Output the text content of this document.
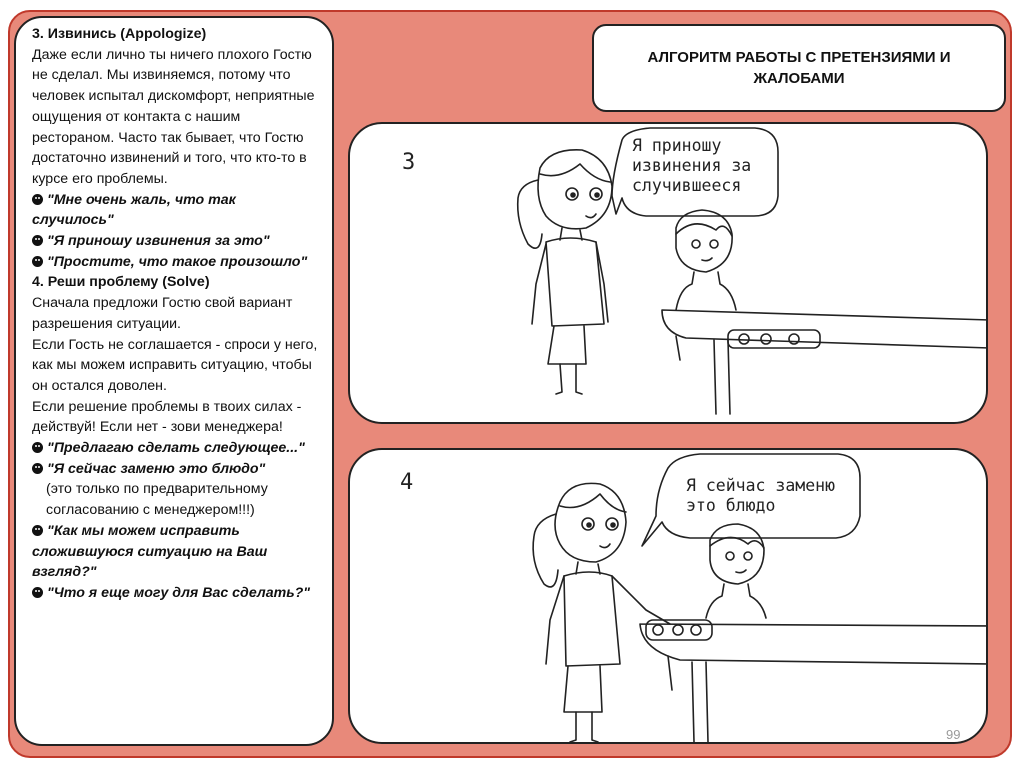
3. Извинись (Appologize)

Даже если лично ты ничего плохого Гостю не сделал. Мы извиняемся, потому что человек испытал дискомфорт, неприятные ощущения от контакта с нашим рестораном. Часто так бывает, что Гостю достаточно извинений и того, что кто-то в курсе его проблемы.

"Мне очень жаль, что так случилось"

"Я приношу извинения за это"

"Простите, что такое произошло"

4. Реши проблему (Solve)

Сначала предложи Гостю свой вариант разрешения ситуации.

Если Гость не соглашается - спроси у него, как мы можем исправить ситуацию, чтобы он остался доволен.

Если решение проблемы в твоих силах - действуй! Если нет - зови менеджера!

"Предлагаю сделать следующее..."

"Я сейчас заменю это блюдо"

(это только по предварительному согласованию с менеджером!!!)

"Как мы можем исправить сложившуюся ситуацию на Ваш взгляд?"

"Что я еще могу для Вас сделать?"

АЛГОРИТМ РАБОТЫ С ПРЕТЕНЗИЯМИ И ЖАЛОБАМИ
3
Я приношу извинения за случившееся
4	Я сейчас заменю это блюдо
99
